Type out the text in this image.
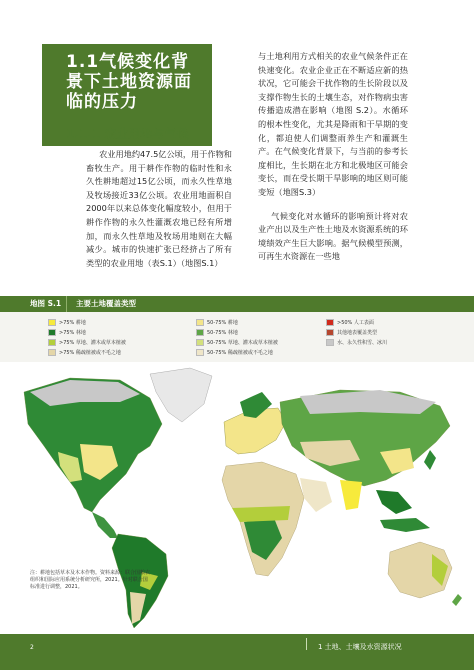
1.1气候变化背景下土地资源面临的压力
1.1.1 农业用地与气候

农业用地约47.5亿公顷，用于作物和畜牧生产。用于耕作作物的临时性和永久性耕地超过15亿公顷，而永久性草地及牧场接近33亿公顷。农业用地面积自2000年以来总体变化幅度较小，但用于耕作作物的永久性灌溉农地已经有所增加，而永久性草地及牧场用地则在大幅减少。城市的快速扩张已经挤占了所有类型的农业用地（表S.1）（地图S.1）

与土地利用方式相关的农业气候条件正在快速变化。农业企业正在不断适应新的热状况，它可能会干扰作物的生长阶段以及支撑作物生长的土壤生态，对作物病虫害传播造成潜在影响（地图 S.2）。水循环的根本性变化，尤其是降雨和干旱期的变化，都迫使人们调整雨养生产和灌溉生产。在气候变化背景下，与当前的参考长度相比，生长期在北方和北极地区可能会变长，而在受长期干旱影响的地区则可能变短（地图S.3）

气候变化对水循环的影响预计将对农业产出以及生产性土地及水资源系统的环境绩效产生巨大影响。据气候模型预测，可再生水资源在一些地

地图 S.1 主要土地覆盖类型
>75% 耕地
>75% 林地
>75% 草地、灌木或草本植被
>75% 稀疏植被或不毛之地
50-75% 耕地
50-75% 林地
50-75% 草地、灌木或草本植被
50-75% 稀疏植被或不毛之地
>50% 人工表面
其他地表覆盖类型
水、永久性积雪、冰川
注：耕地包括草本及木本作物。资料来源：联合国粮农组织和国际应用系统分析研究所，2021。针对联合国标准进行调整，2021。
2	1 土地、土壤及水资源状况
